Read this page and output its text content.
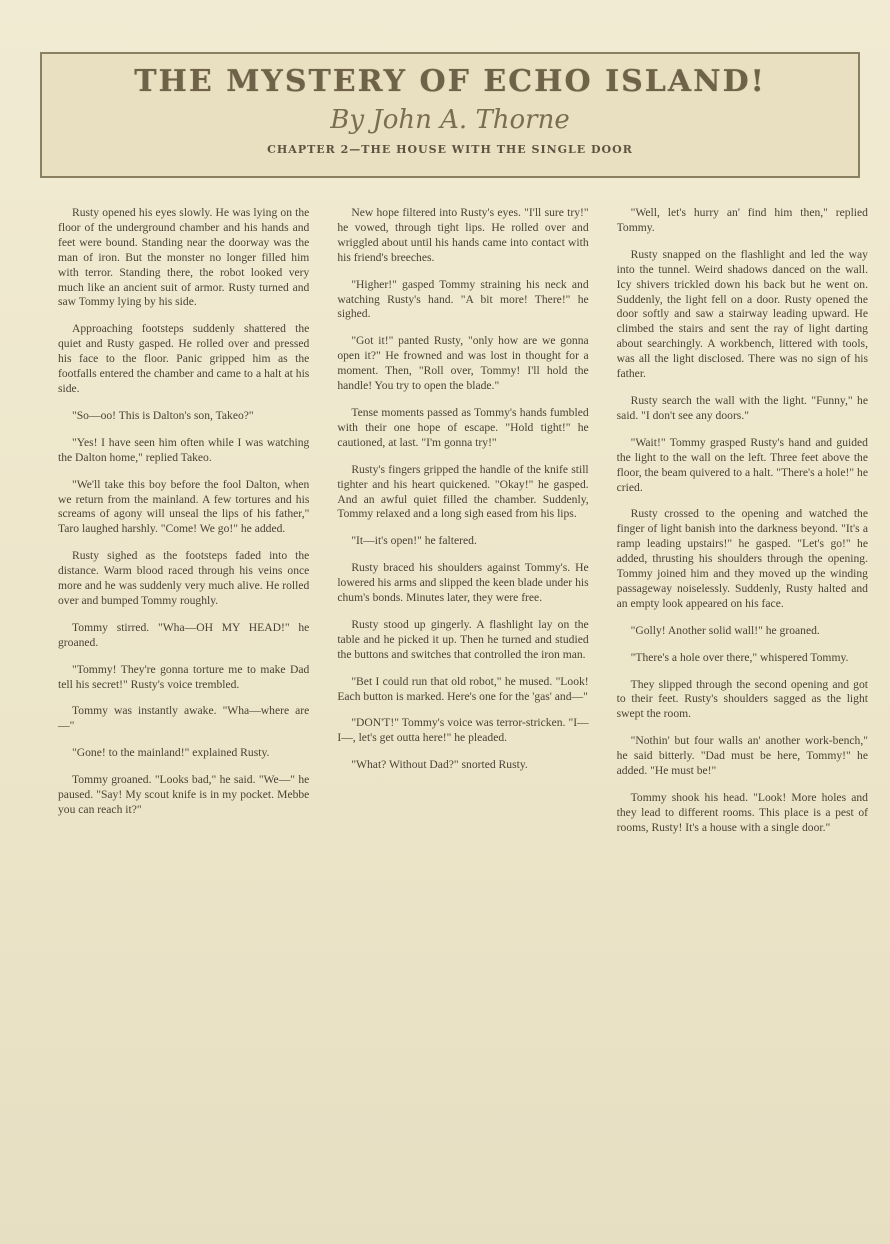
THE MYSTERY OF ECHO ISLAND!
By John A. Thorne
CHAPTER 2—THE HOUSE WITH THE SINGLE DOOR

Rusty opened his eyes slowly. He was lying on the floor of the underground chamber and his hands and feet were bound. Standing near the doorway was the man of iron. But the monster no longer filled him with terror. Standing there, the robot looked very much like an ancient suit of armor. Rusty turned and saw Tommy lying by his side.

Approaching footsteps suddenly shattered the quiet and Rusty gasped. He rolled over and pressed his face to the floor. Panic gripped him as the footfalls entered the chamber and came to a halt at his side.

"So—oo! This is Dalton's son, Takeo?"

"Yes! I have seen him often while I was watching the Dalton home," replied Takeo.

"We'll take this boy before the fool Dalton, when we return from the mainland. A few tortures and his screams of agony will unseal the lips of his father," Taro laughed harshly. "Come! We go!" he added.

Rusty sighed as the footsteps faded into the distance. Warm blood raced through his veins once more and he was suddenly very much alive. He rolled over and bumped Tommy roughly.

Tommy stirred. "Wha—OH MY HEAD!" he groaned.

"Tommy! They're gonna torture me to make Dad tell his secret!" Rusty's voice trembled.

Tommy was instantly awake. "Wha—where are—"

"Gone! to the mainland!" explained Rusty.

Tommy groaned. "Looks bad," he said. "We—" he paused. "Say! My scout knife is in my pocket. Mebbe you can reach it?"

New hope filtered into Rusty's eyes. "I'll sure try!" he vowed, through tight lips. He rolled over and wriggled about until his hands came into contact with his friend's breeches.

"Higher!" gasped Tommy straining his neck and watching Rusty's hand. "A bit more! There!" he sighed.

"Got it!" panted Rusty, "only how are we gonna open it?" He frowned and was lost in thought for a moment. Then, "Roll over, Tommy! I'll hold the handle! You try to open the blade."

Tense moments passed as Tommy's hands fumbled with their one hope of escape. "Hold tight!" he cautioned, at last. "I'm gonna try!"

Rusty's fingers gripped the handle of the knife still tighter and his heart quickened. "Okay!" he gasped. And an awful quiet filled the chamber. Suddenly, Tommy relaxed and a long sigh eased from his lips.

"It—it's open!" he faltered.

Rusty braced his shoulders against Tommy's. He lowered his arms and slipped the keen blade under his chum's bonds. Minutes later, they were free.

Rusty stood up gingerly. A flashlight lay on the table and he picked it up. Then he turned and studied the buttons and switches that controlled the iron man.

"Bet I could run that old robot," he mused. "Look! Each button is marked. Here's one for the 'gas' and—"

"DON'T!" Tommy's voice was terror-stricken. "I—I—, let's get outta here!" he pleaded.

"What? Without Dad?" snorted Rusty.

"Well, let's hurry an' find him then," replied Tommy.

Rusty snapped on the flashlight and led the way into the tunnel. Weird shadows danced on the wall. Icy shivers trickled down his back but he went on. Suddenly, the light fell on a door. Rusty opened the door softly and saw a stairway leading upward. He climbed the stairs and sent the ray of light darting about searchingly. A workbench, littered with tools, was all the light disclosed. There was no sign of his father.

Rusty search the wall with the light. "Funny," he said. "I don't see any doors."

"Wait!" Tommy grasped Rusty's hand and guided the light to the wall on the left. Three feet above the floor, the beam quivered to a halt. "There's a hole!" he cried.

Rusty crossed to the opening and watched the finger of light banish into the darkness beyond. "It's a ramp leading upstairs!" he gasped. "Let's go!" he added, thrusting his shoulders through the opening. Tommy joined him and they moved up the winding passageway noiselessly. Suddenly, Rusty halted and an empty look appeared on his face.

"Golly! Another solid wall!" he groaned.

"There's a hole over there," whispered Tommy.

They slipped through the second opening and got to their feet. Rusty's shoulders sagged as the light swept the room.

"Nothin' but four walls an' another work-bench," he said bitterly. "Dad must be here, Tommy!" he added. "He must be!"

Tommy shook his head. "Look! More holes and they lead to different rooms. This place is a pest of rooms, Rusty! It's a house with a single door."
